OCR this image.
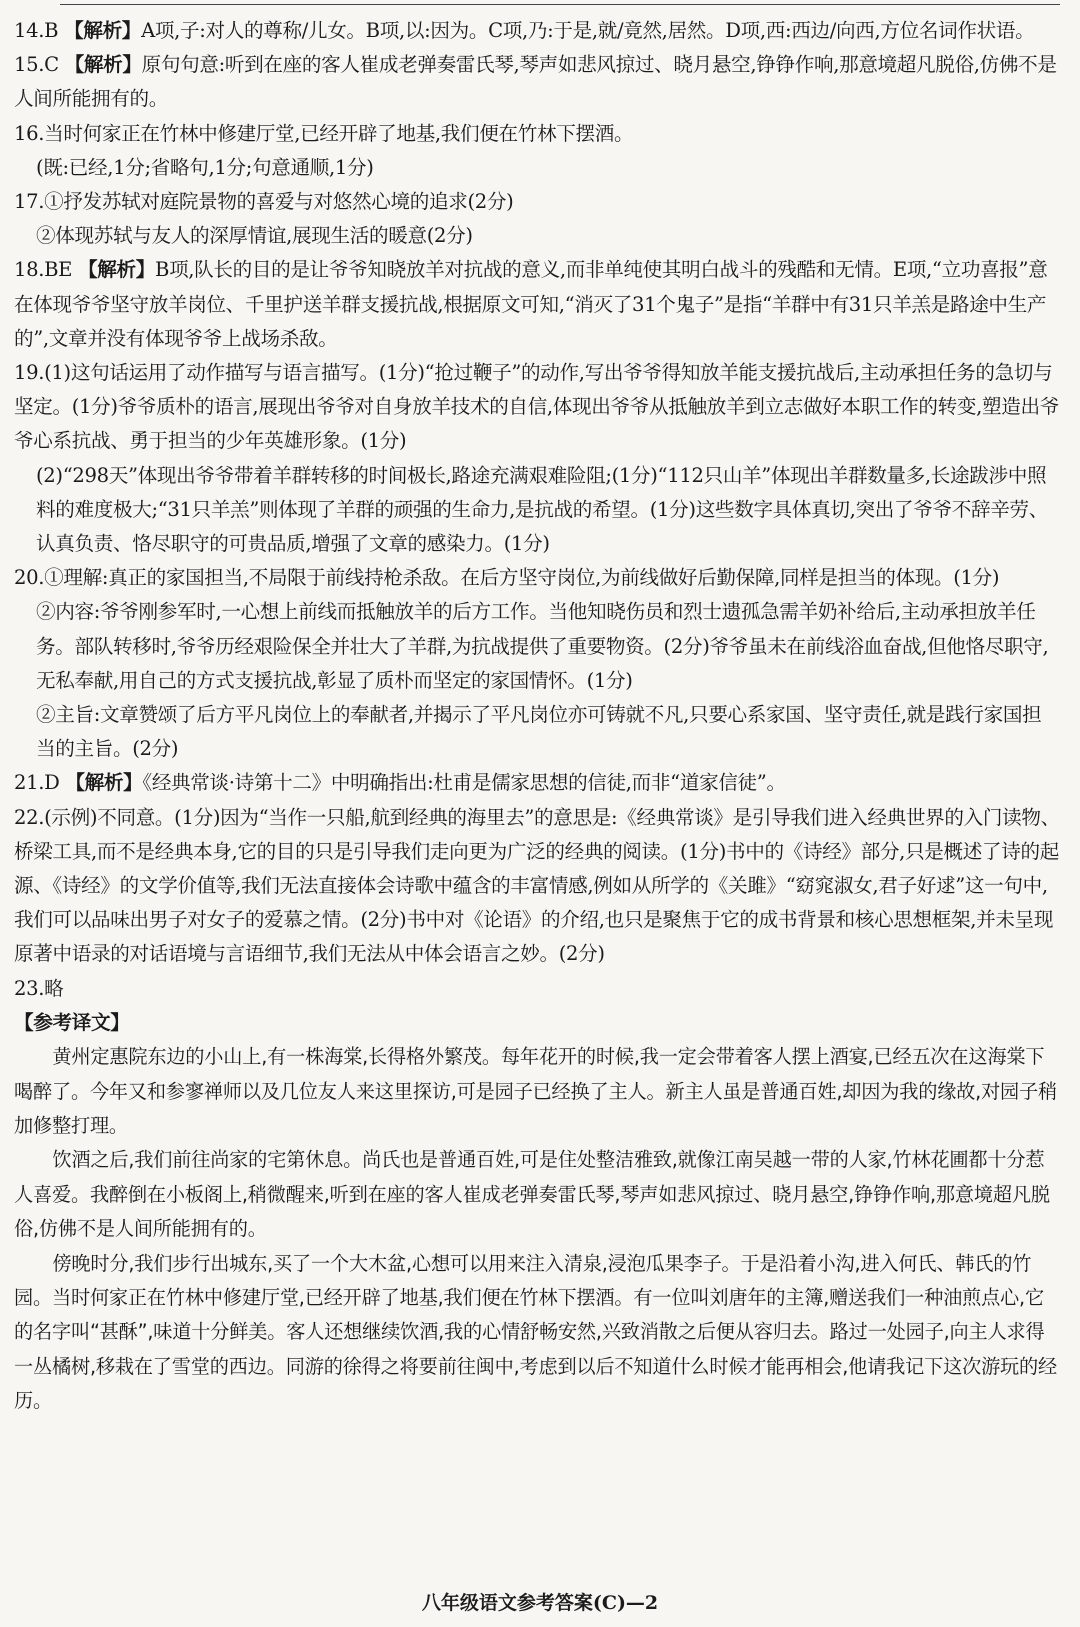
14.B 【解析】A项,子:对人的尊称/儿女。B项,以:因为。C项,乃:于是,就/竟然,居然。D项,西:西边/向西,方位名词作状语。

15.C 【解析】原句句意:听到在座的客人崔成老弹奏雷氏琴,琴声如悲风掠过、晓月悬空,铮铮作响,那意境超凡脱俗,仿佛不是人间所能拥有的。

16.当时何家正在竹林中修建厅堂,已经开辟了地基,我们便在竹林下摆酒。

(既:已经,1分;省略句,1分;句意通顺,1分)

17.①抒发苏轼对庭院景物的喜爱与对悠然心境的追求(2分)

②体现苏轼与友人的深厚情谊,展现生活的暖意(2分)

18.BE 【解析】B项,队长的目的是让爷爷知晓放羊对抗战的意义,而非单纯使其明白战斗的残酷和无情。E项,“立功喜报”意在体现爷爷坚守放羊岗位、千里护送羊群支援抗战,根据原文可知,“消灭了31个鬼子”是指“羊群中有31只羊羔是路途中生产的”,文章并没有体现爷爷上战场杀敌。

19.(1)这句话运用了动作描写与语言描写。(1分)“抢过鞭子”的动作,写出爷爷得知放羊能支援抗战后,主动承担任务的急切与坚定。(1分)爷爷质朴的语言,展现出爷爷对自身放羊技术的自信,体现出爷爷从抵触放羊到立志做好本职工作的转变,塑造出爷爷心系抗战、勇于担当的少年英雄形象。(1分)

(2)“298天”体现出爷爷带着羊群转移的时间极长,路途充满艰难险阻;(1分)“112只山羊”体现出羊群数量多,长途跋涉中照料的难度极大;“31只羊羔”则体现了羊群的顽强的生命力,是抗战的希望。(1分)这些数字具体真切,突出了爷爷不辞辛劳、认真负责、恪尽职守的可贵品质,增强了文章的感染力。(1分)

20.①理解:真正的家国担当,不局限于前线持枪杀敌。在后方坚守岗位,为前线做好后勤保障,同样是担当的体现。(1分)

②内容:爷爷刚参军时,一心想上前线而抵触放羊的后方工作。当他知晓伤员和烈士遗孤急需羊奶补给后,主动承担放羊任务。部队转移时,爷爷历经艰险保全并壮大了羊群,为抗战提供了重要物资。(2分)爷爷虽未在前线浴血奋战,但他恪尽职守,无私奉献,用自己的方式支援抗战,彰显了质朴而坚定的家国情怀。(1分)

②主旨:文章赞颂了后方平凡岗位上的奉献者,并揭示了平凡岗位亦可铸就不凡,只要心系家国、坚守责任,就是践行家国担当的主旨。(2分)

21.D 【解析】《经典常谈·诗第十二》中明确指出:杜甫是儒家思想的信徒,而非“道家信徒”。

22.(示例)不同意。(1分)因为“当作一只船,航到经典的海里去”的意思是:《经典常谈》是引导我们进入经典世界的入门读物、桥梁工具,而不是经典本身,它的目的只是引导我们走向更为广泛的经典的阅读。(1分)书中的《诗经》部分,只是概述了诗的起源、《诗经》的文学价值等,我们无法直接体会诗歌中蕴含的丰富情感,例如从所学的《关雎》“窈窕淑女,君子好逑”这一句中,我们可以品味出男子对女子的爱慕之情。(2分)书中对《论语》的介绍,也只是聚焦于它的成书背景和核心思想框架,并未呈现原著中语录的对话语境与言语细节,我们无法从中体会语言之妙。(2分)

23.略

【参考译文】

黄州定惠院东边的小山上,有一株海棠,长得格外繁茂。每年花开的时候,我一定会带着客人摆上酒宴,已经五次在这海棠下喝醉了。今年又和参寥禅师以及几位友人来这里探访,可是园子已经换了主人。新主人虽是普通百姓,却因为我的缘故,对园子稍加修整打理。

饮酒之后,我们前往尚家的宅第休息。尚氏也是普通百姓,可是住处整洁雅致,就像江南吴越一带的人家,竹林花圃都十分惹人喜爱。我醉倒在小板阁上,稍微醒来,听到在座的客人崔成老弹奏雷氏琴,琴声如悲风掠过、晓月悬空,铮铮作响,那意境超凡脱俗,仿佛不是人间所能拥有的。

傍晚时分,我们步行出城东,买了一个大木盆,心想可以用来注入清泉,浸泡瓜果李子。于是沿着小沟,进入何氏、韩氏的竹园。当时何家正在竹林中修建厅堂,已经开辟了地基,我们便在竹林下摆酒。有一位叫刘唐年的主簿,赠送我们一种油煎点心,它的名字叫“甚酥”,味道十分鲜美。客人还想继续饮酒,我的心情舒畅安然,兴致消散之后便从容归去。路过一处园子,向主人求得一丛橘树,移栽在了雪堂的西边。同游的徐得之将要前往闽中,考虑到以后不知道什么时候才能再相会,他请我记下这次游玩的经历。

八年级语文参考答案(C)—2
